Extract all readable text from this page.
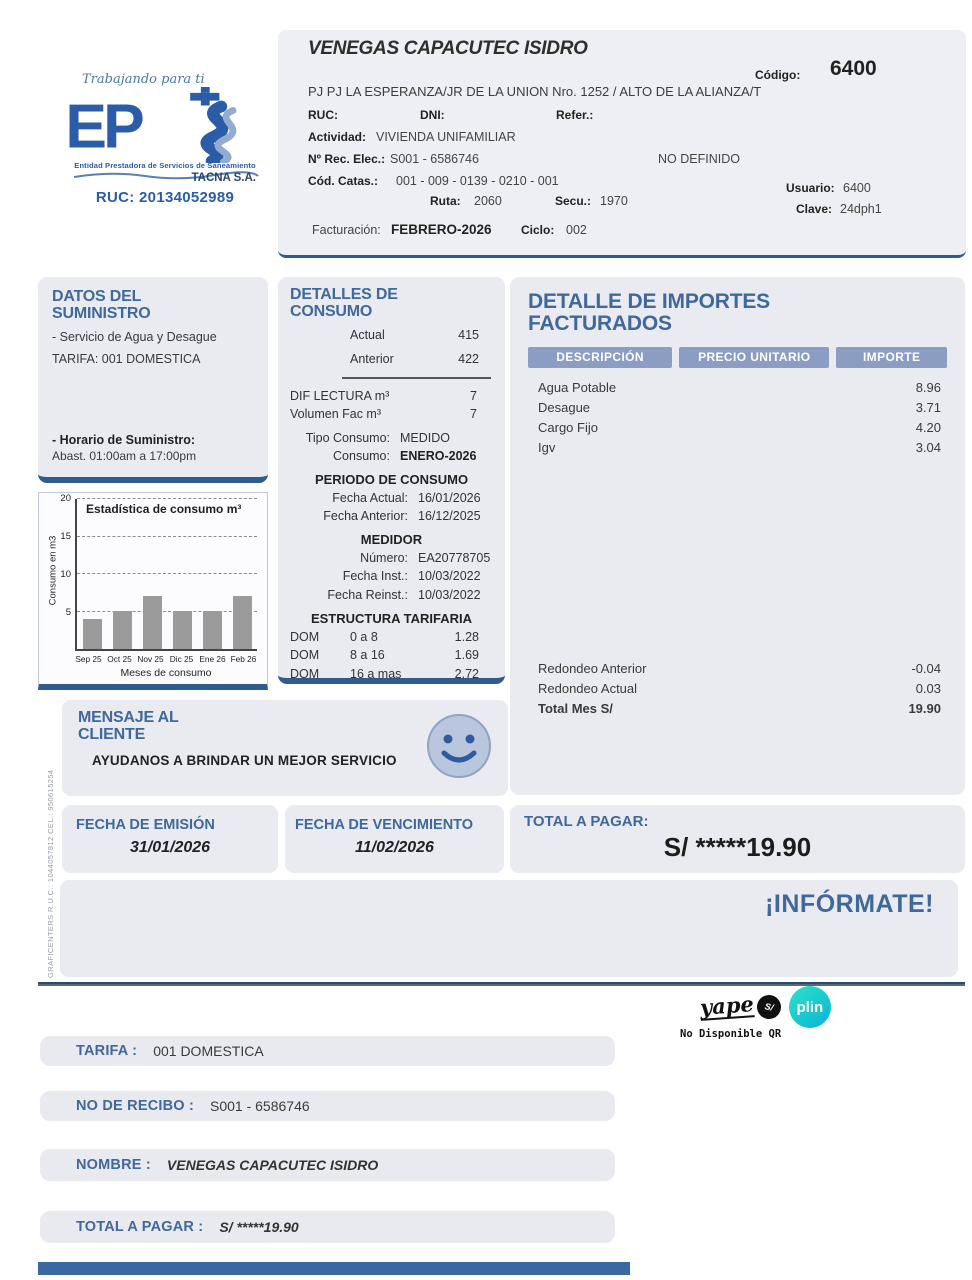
Trabajando para ti
EP
Entidad Prestadora de Servicios de Saneamiento
TACNA S.A.
RUC: 20134052989
VENEGAS CAPACUTEC ISIDRO
Código: 6400
PJ PJ LA ESPERANZA/JR DE LA UNION Nro. 1252 / ALTO DE LA ALIANZA/T
RUC:	DNI:	Refer.:
Actividad: VIVIENDA UNIFAMILIAR
Nº Rec. Elec.: S001 - 6586746	NO DEFINIDO
Cód. Catas.: 001 - 009 - 0139 - 0210 - 001
Ruta: 2060	Secu.: 1970
Usuario: 6400
Clave: 24dph1
Facturación: FEBRERO-2026 Ciclo: 002
DATOS DEL SUMINISTRO
- Servicio de Agua y Desague
TARIFA: 001 DOMESTICA
- Horario de Suministro:
Abast. 01:00am a 17:00pm
Consumo en m3
5
10
15
20
Estadística de consumo m³
Sep 25 Oct 25 Nov 25 Dic 25 Ene 26 Feb 26
Meses de consumo
DETALLES DE CONSUMO
Actual	415
Anterior	422
DIF LECTURA m³	7
Volumen Fac m³	7
Tipo Consumo: MEDIDO
Consumo: ENERO-2026
PERIODO DE CONSUMO
Fecha Actual: 16/01/2026
Fecha Anterior: 16/12/2025
MEDIDOR
Número: EA20778705
Fecha Inst.: 10/03/2022
Fecha Reinst.: 10/03/2022
ESTRUCTURA TARIFARIA
DOM	0 a 8	1.28
DOM	8 a 16	1.69
DOM	16 a mas	2.72
DETALLE DE IMPORTES FACTURADOS
DESCRIPCIÓN	PRECIO UNITARIO	IMPORTE
Agua Potable	8.96
Desague	3.71
Cargo Fijo	4.20
Igv	3.04
Redondeo Anterior	-0.04
Redondeo Actual	0.03
Total Mes S/	19.90
MENSAJE AL CLIENTE
AYUDANOS A BRINDAR UN MEJOR SERVICIO
FECHA DE EMISIÓN
31/01/2026
FECHA DE VENCIMIENTO
11/02/2026
TOTAL A PAGAR:
S/ *****19.90
¡INFÓRMATE!
GRAFICENTERS R.U.C.: 1044057812 CEL.: 950615254
yape	S/	plin
No Disponible QR
TARIFA : 001 DOMESTICA
NO DE RECIBO : S001 - 6586746
NOMBRE : VENEGAS CAPACUTEC ISIDRO
TOTAL A PAGAR : S/ *****19.90
